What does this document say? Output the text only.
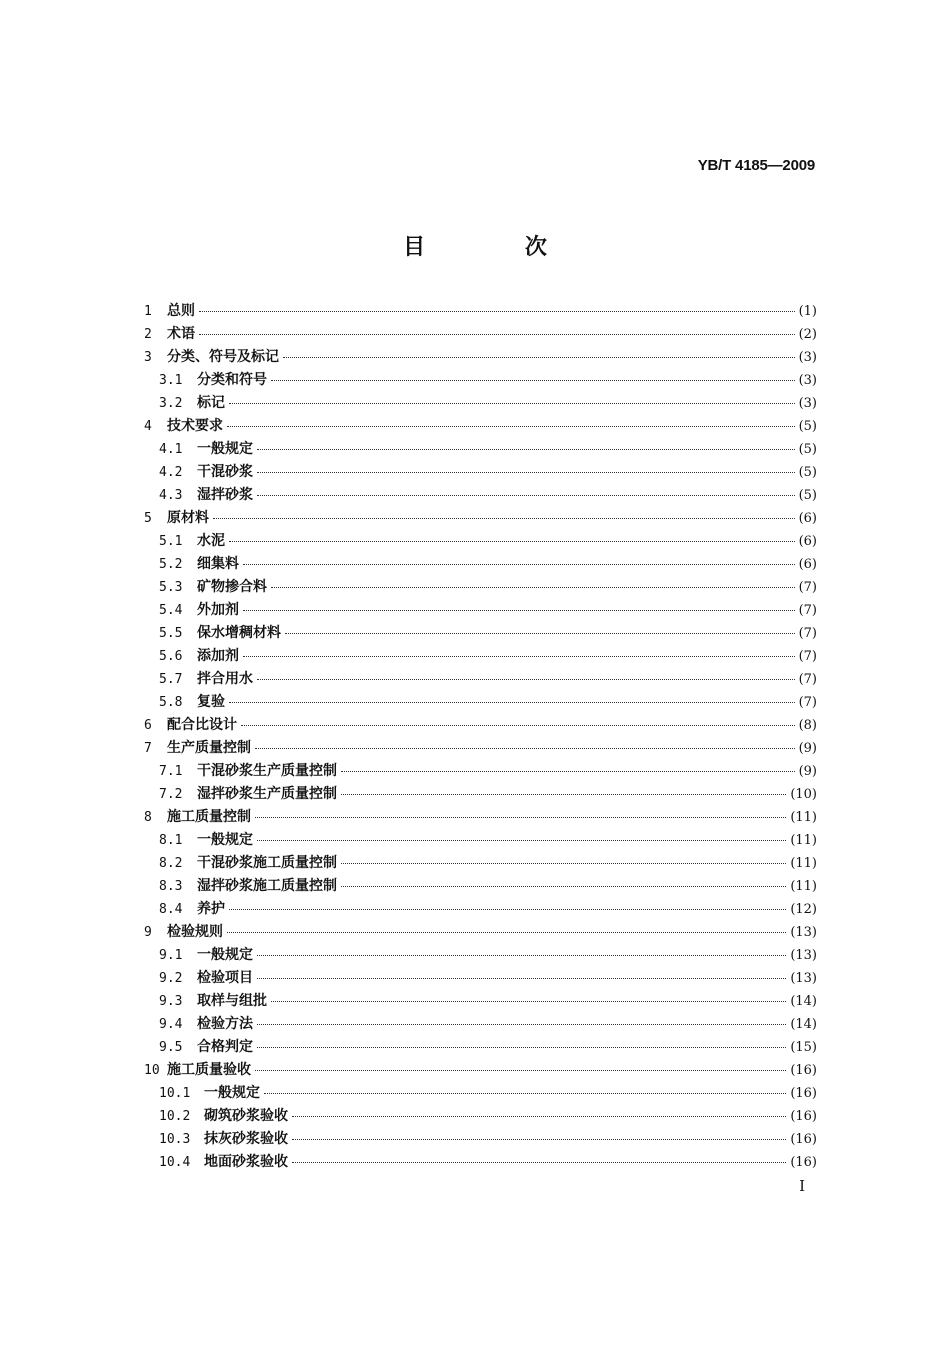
YB/T 4185—2009
目 次
1	总则	(1)
2	术语	(2)
3	分类、符号及标记	(3)
3.1	分类和符号	(3)
3.2	标记	(3)
4	技术要求	(5)
4.1	一般规定	(5)
4.2	干混砂浆	(5)
4.3	湿拌砂浆	(5)
5	原材料	(6)
5.1	水泥	(6)
5.2	细集料	(6)
5.3	矿物掺合料	(7)
5.4	外加剂	(7)
5.5	保水增稠材料	(7)
5.6	添加剂	(7)
5.7	拌合用水	(7)
5.8	复验	(7)
6	配合比设计	(8)
7	生产质量控制	(9)
7.1	干混砂浆生产质量控制	(9)
7.2	湿拌砂浆生产质量控制	(10)
8	施工质量控制	(11)
8.1	一般规定	(11)
8.2	干混砂浆施工质量控制	(11)
8.3	湿拌砂浆施工质量控制	(11)
8.4	养护	(12)
9	检验规则	(13)
9.1	一般规定	(13)
9.2	检验项目	(13)
9.3	取样与组批	(14)
9.4	检验方法	(14)
9.5	合格判定	(15)
10 施工质量验收	(16)
10.1 一般规定	(16)
10.2 砌筑砂浆验收	(16)
10.3 抹灰砂浆验收	(16)
10.4 地面砂浆验收	(16)
I
